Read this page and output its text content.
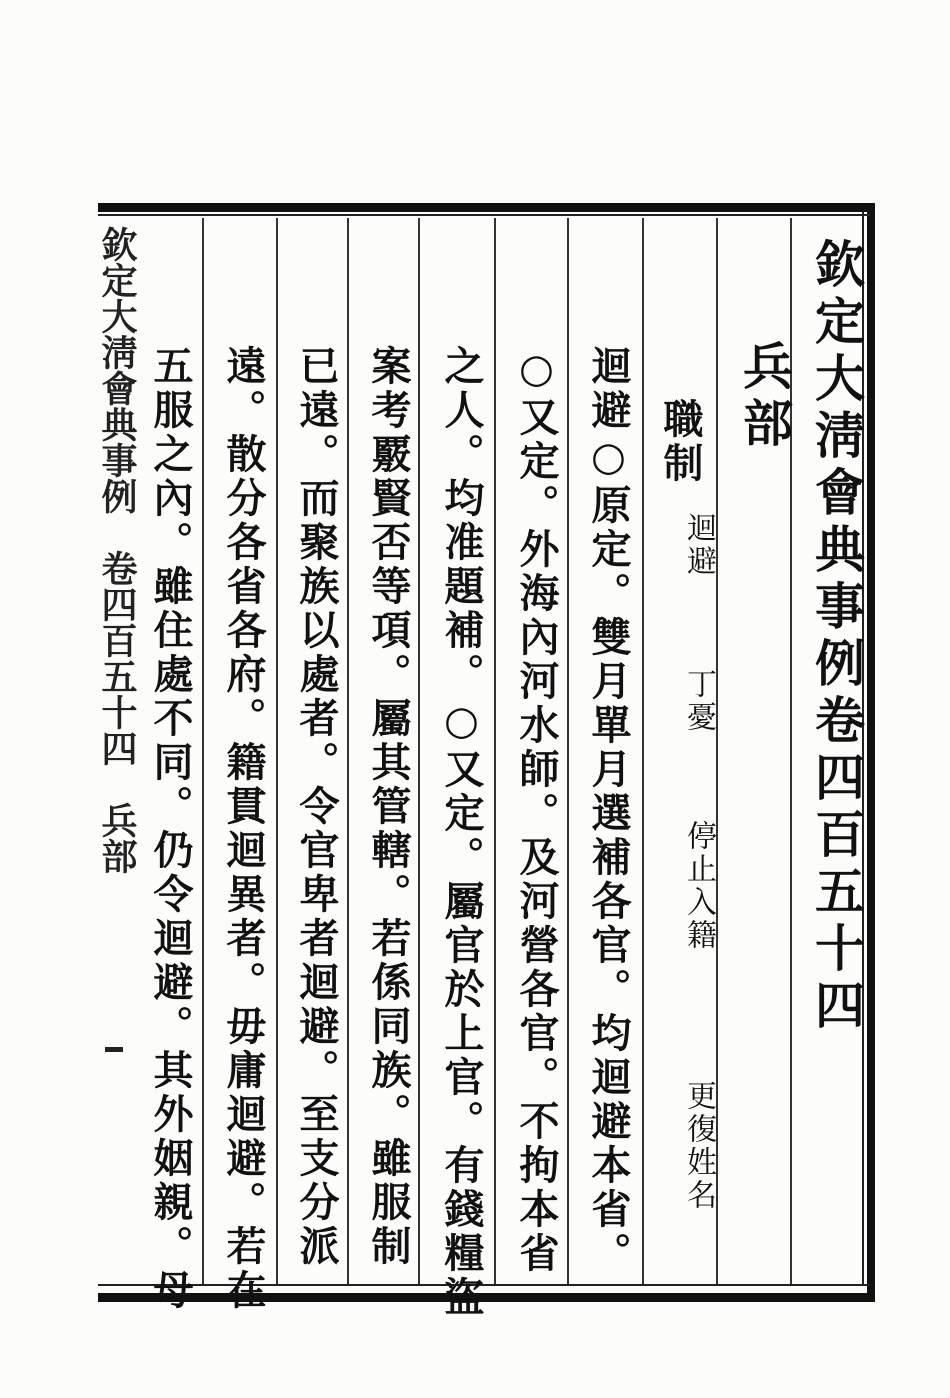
欽定大淸會典事例卷四百五十四
兵部
職制
迴避
丁憂
停止入籍
更復姓名
迴避○原定。雙月單月選補各官。均迴避本省。
○又定。外海內河水師。及河營各官。不拘本省
之人。均准題補。○又定。屬官於上官。有錢糧盜
案考覈賢否等項。屬其管轄。若係同族。雖服制
已遠。而聚族以處者。令官卑者迴避。至支分派
遠。散分各省各府。籍貫迴異者。毋庸迴避。若在
五服之內。雖住處不同。仍令迴避。其外姻親。母
欽定大淸會典事例　卷四百五十四　兵部
